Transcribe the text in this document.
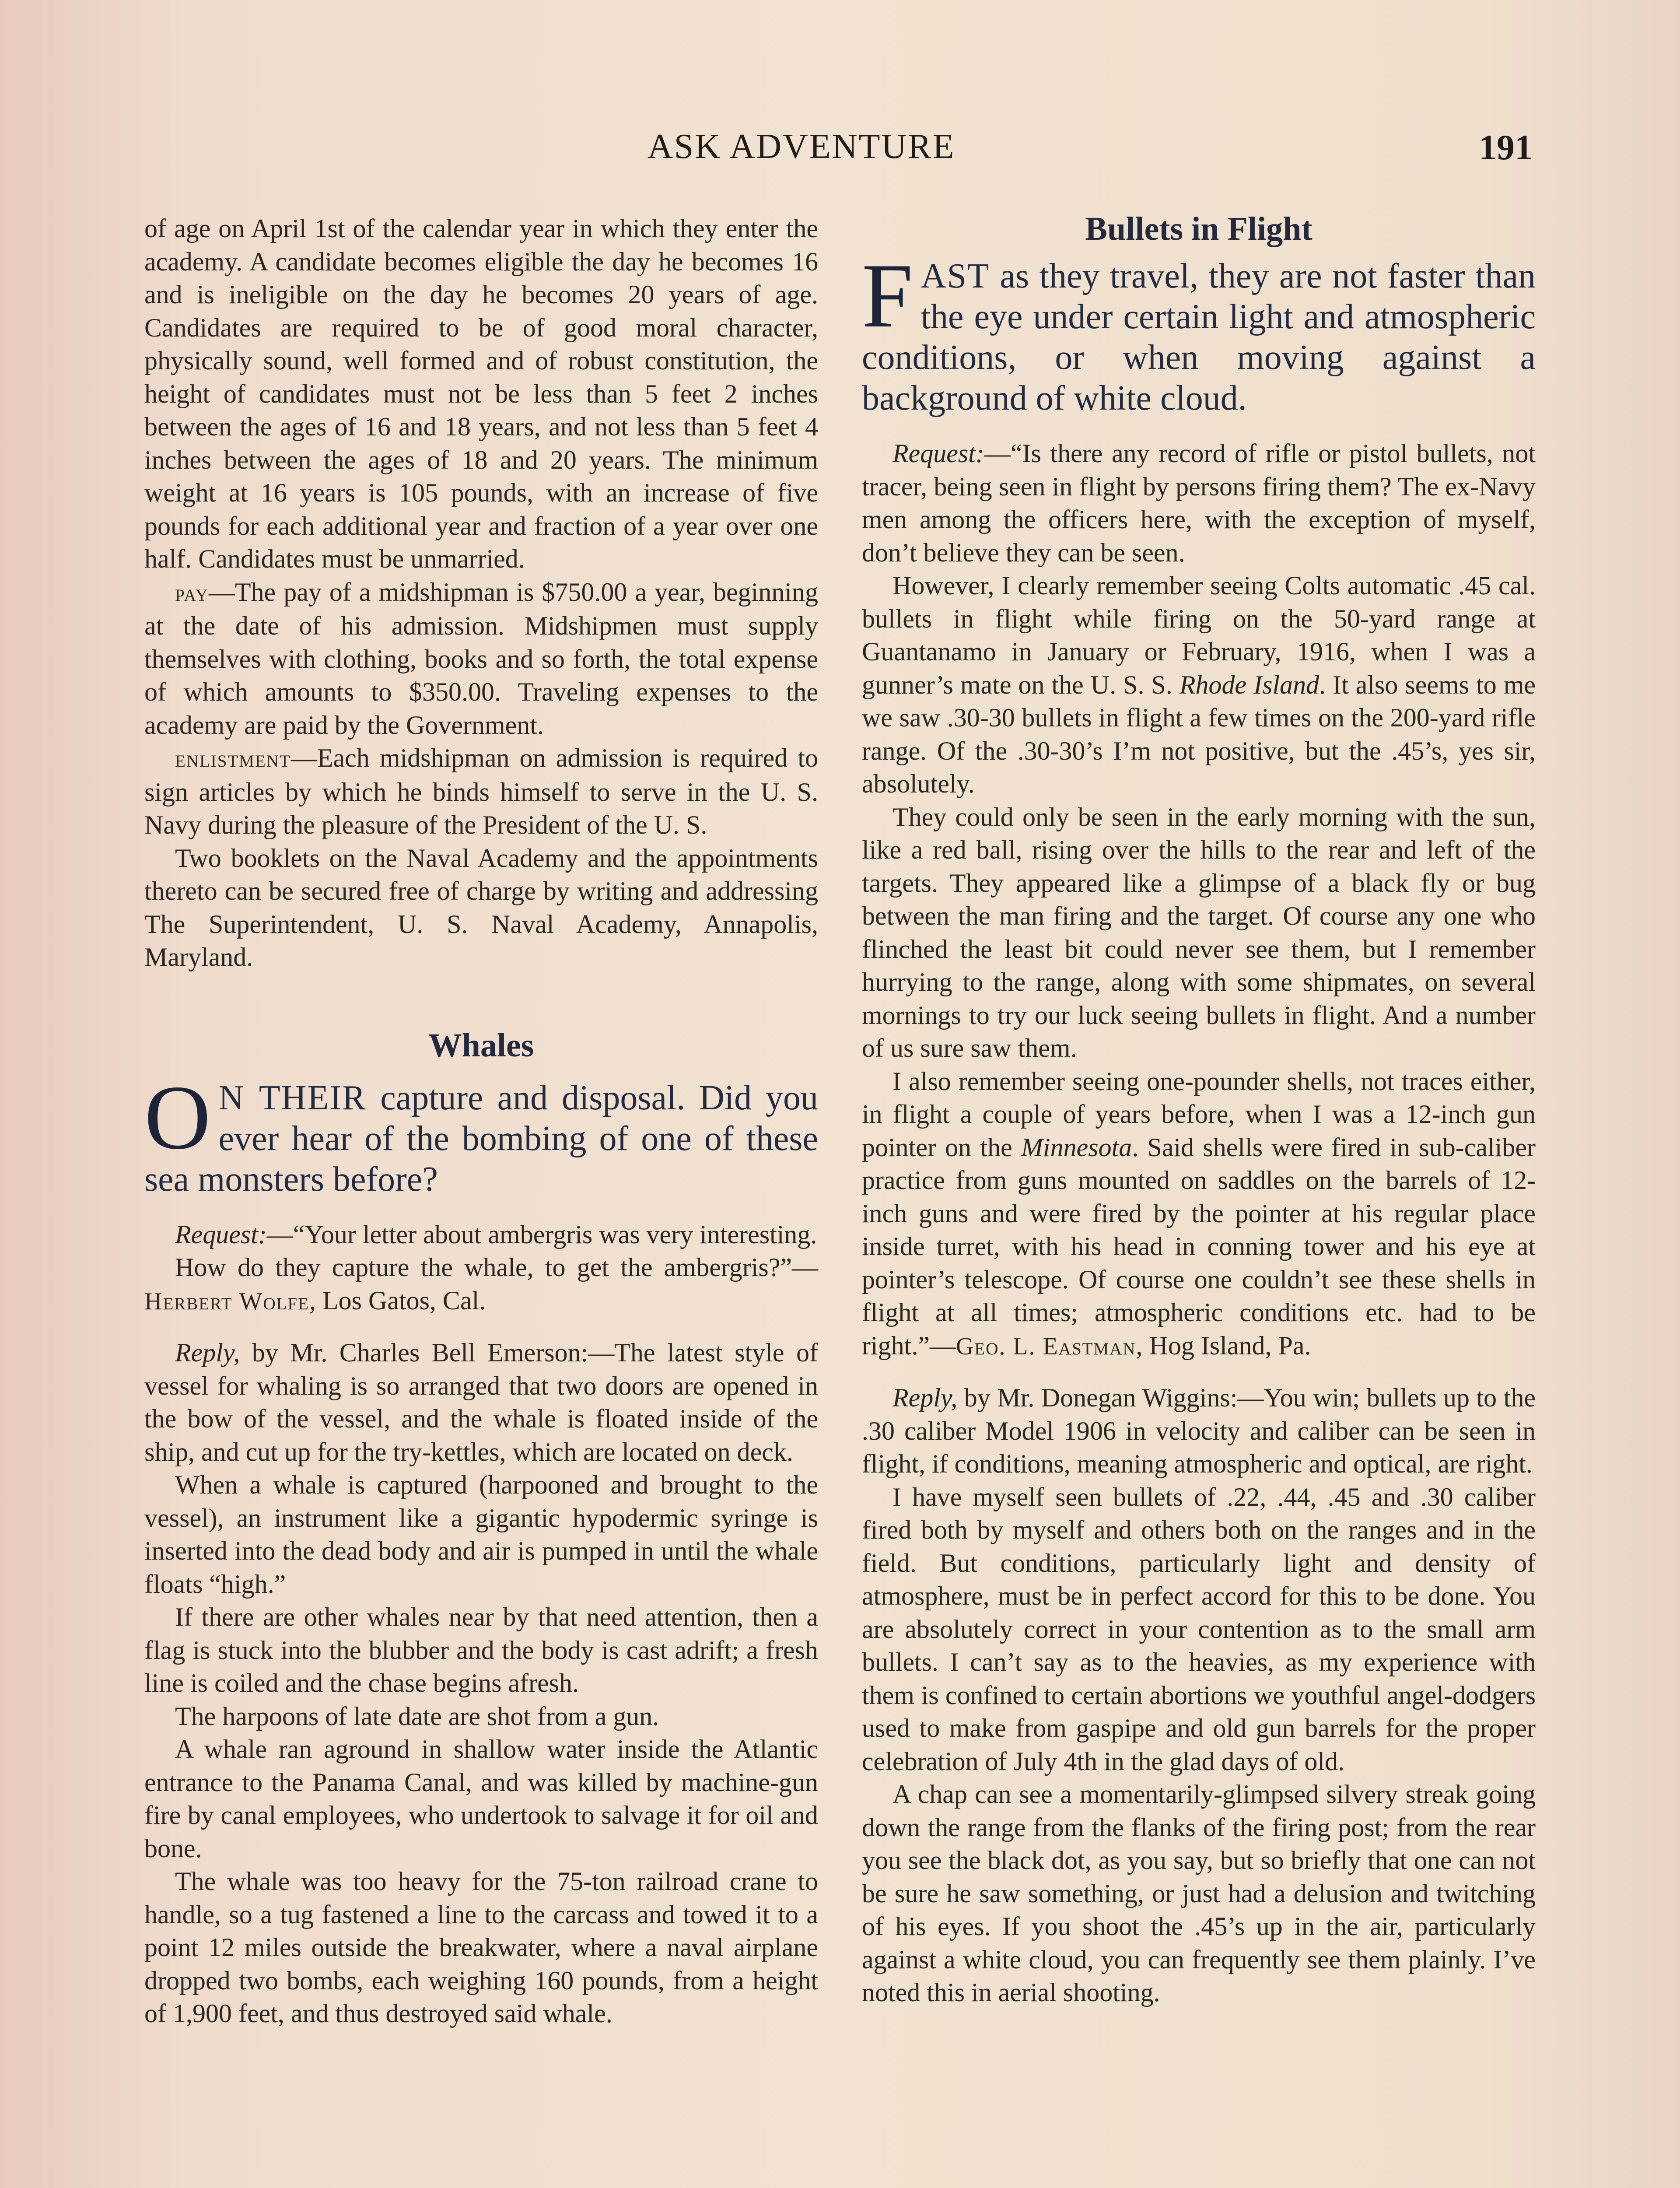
ASK ADVENTURE	191

of age on April 1st of the calendar year in which they enter the academy. A candidate becomes eligible the day he becomes 16 and is ineligible on the day he becomes 20 years of age. Candidates are required to be of good moral character, physically sound, well formed and of robust constitution, the height of candidates must not be less than 5 feet 2 inches between the ages of 16 and 18 years, and not less than 5 feet 4 inches between the ages of 18 and 20 years. The minimum weight at 16 years is 105 pounds, with an increase of five pounds for each additional year and fraction of a year over one half. Candidates must be unmarried.

pay—The pay of a midshipman is $750.00 a year, beginning at the date of his admission. Midshipmen must supply themselves with clothing, books and so forth, the total expense of which amounts to $350.00. Traveling expenses to the academy are paid by the Government.

enlistment—Each midshipman on admission is required to sign articles by which he binds himself to serve in the U. S. Navy during the pleasure of the President of the U. S.

Two booklets on the Naval Academy and the appointments thereto can be secured free of charge by writing and addressing The Superintendent, U. S. Naval Academy, Annapolis, Maryland.

Whales

O N THEIR capture and disposal. Did you ever hear of the bombing of one of these sea monsters before?

Request:—“Your letter about ambergris was very interesting.

How do they capture the whale, to get the ambergris?”—Herbert Wolfe, Los Gatos, Cal.

Reply, by Mr. Charles Bell Emerson:—The latest style of vessel for whaling is so arranged that two doors are opened in the bow of the vessel, and the whale is floated inside of the ship, and cut up for the try-kettles, which are located on deck.

When a whale is captured (harpooned and brought to the vessel), an instrument like a gigantic hypodermic syringe is inserted into the dead body and air is pumped in until the whale floats “high.”

If there are other whales near by that need attention, then a flag is stuck into the blubber and the body is cast adrift; a fresh line is coiled and the chase begins afresh.

The harpoons of late date are shot from a gun.

A whale ran aground in shallow water inside the Atlantic entrance to the Panama Canal, and was killed by machine-gun fire by canal employees, who undertook to salvage it for oil and bone.

The whale was too heavy for the 75-ton railroad crane to handle, so a tug fastened a line to the carcass and towed it to a point 12 miles outside the breakwater, where a naval airplane dropped two bombs, each weighing 160 pounds, from a height of 1,900 feet, and thus destroyed said whale.

Bullets in Flight

FAST as they travel, they are not faster than the eye under certain light and atmospheric conditions, or when moving against a background of white cloud.

Request:—“Is there any record of rifle or pistol bullets, not tracer, being seen in flight by persons firing them? The ex-Navy men among the officers here, with the exception of myself, don’t believe they can be seen.

However, I clearly remember seeing Colts automatic .45 cal. bullets in flight while firing on the 50-yard range at Guantanamo in January or February, 1916, when I was a gunner’s mate on the U. S. S. Rhode Island. It also seems to me we saw .30-30 bullets in flight a few times on the 200-yard rifle range. Of the .30-30’s I’m not positive, but the .45’s, yes sir, absolutely.

They could only be seen in the early morning with the sun, like a red ball, rising over the hills to the rear and left of the targets. They appeared like a glimpse of a black fly or bug between the man firing and the target. Of course any one who flinched the least bit could never see them, but I remember hurrying to the range, along with some shipmates, on several mornings to try our luck seeing bullets in flight. And a number of us sure saw them.

I also remember seeing one-pounder shells, not traces either, in flight a couple of years before, when I was a 12-inch gun pointer on the Minnesota. Said shells were fired in sub-caliber practice from guns mounted on saddles on the barrels of 12-inch guns and were fired by the pointer at his regular place inside turret, with his head in conning tower and his eye at pointer’s telescope. Of course one couldn’t see these shells in flight at all times; atmospheric conditions etc. had to be right.”—Geo. L. Eastman, Hog Island, Pa.

Reply, by Mr. Donegan Wiggins:—You win; bullets up to the .30 caliber Model 1906 in velocity and caliber can be seen in flight, if conditions, meaning atmospheric and optical, are right.

I have myself seen bullets of .22, .44, .45 and .30 caliber fired both by myself and others both on the ranges and in the field. But conditions, particularly light and density of atmosphere, must be in perfect accord for this to be done. You are absolutely correct in your contention as to the small arm bullets. I can’t say as to the heavies, as my experience with them is confined to certain abortions we youthful angel-dodgers used to make from gaspipe and old gun barrels for the proper celebration of July 4th in the glad days of old.

A chap can see a momentarily-glimpsed silvery streak going down the range from the flanks of the firing post; from the rear you see the black dot, as you say, but so briefly that one can not be sure he saw something, or just had a delusion and twitching of his eyes. If you shoot the .45’s up in the air, particularly against a white cloud, you can frequently see them plainly. I’ve noted this in aerial shooting.
